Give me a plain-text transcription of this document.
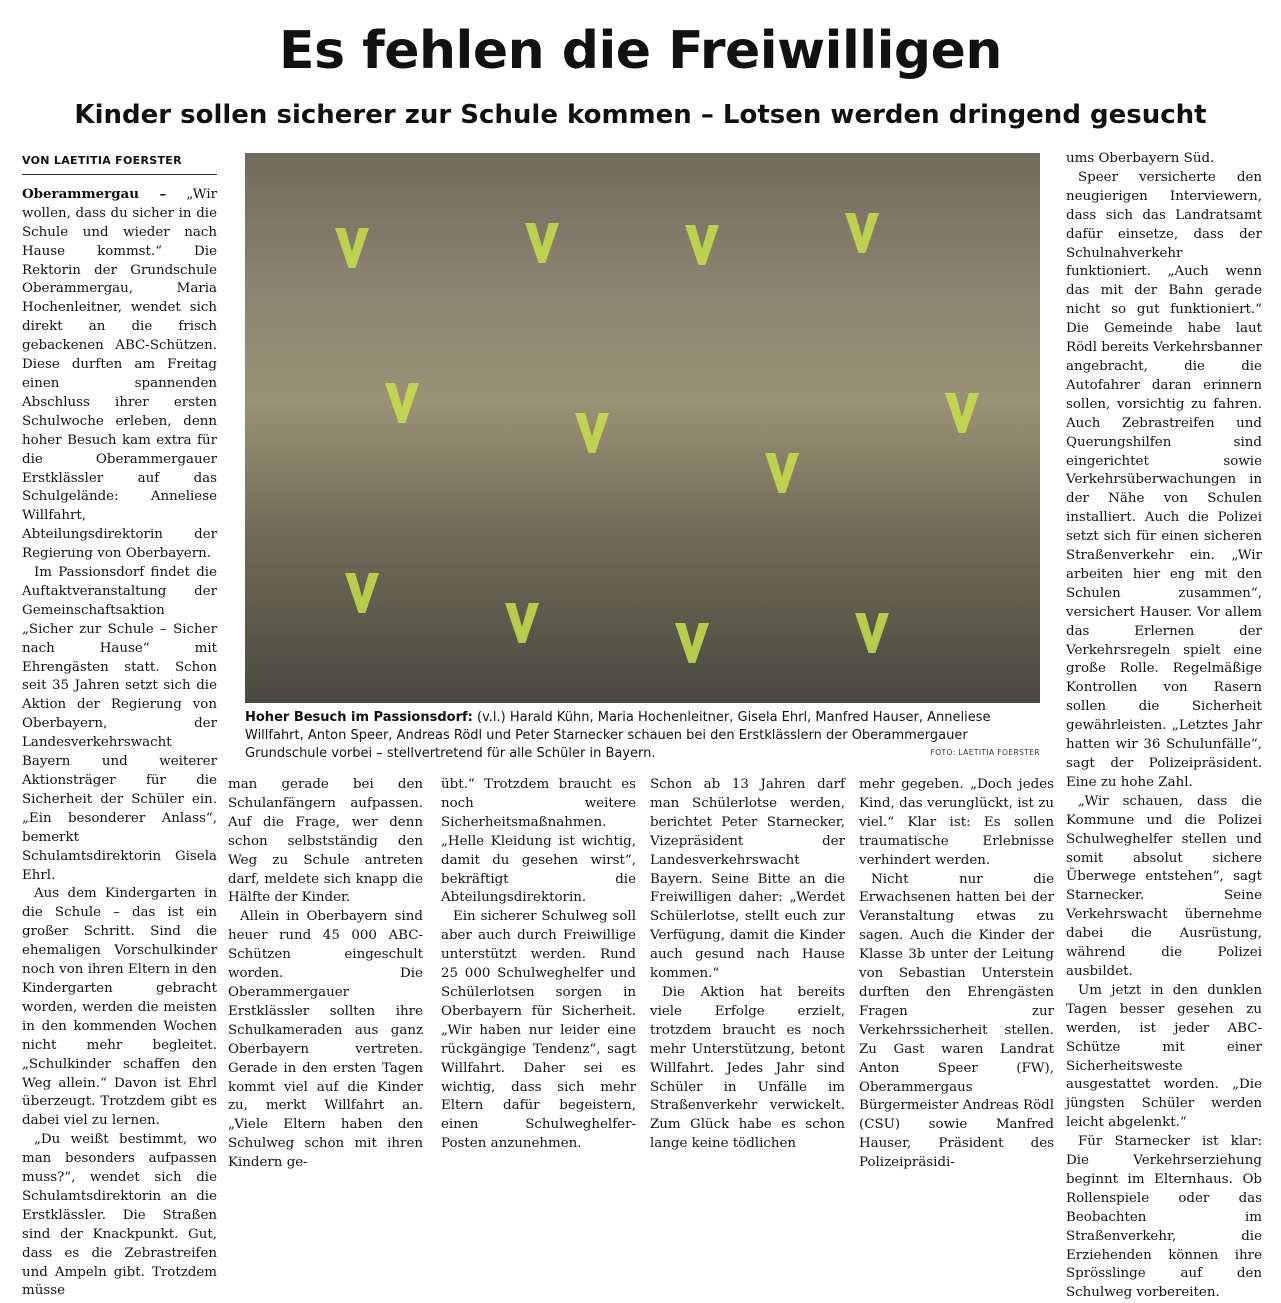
Es fehlen die Freiwilligen
Kinder sollen sicherer zur Schule kommen – Lotsen werden dringend gesucht
VON LAETITIA FOERSTER

Oberammergau – „Wir wollen, dass du sicher in die Schule und wieder nach Hause kommst.“ Die Rektorin der Grundschule Oberammergau, Maria Hochenleitner, wendet sich direkt an die frisch gebackenen ABC-Schützen. Diese durften am Freitag einen spannenden Abschluss ihrer ersten Schulwoche erleben, denn hoher Besuch kam extra für die Oberammergauer Erstklässler auf das Schulgelände: Anneliese Willfahrt, Abteilungsdirektorin der Regierung von Oberbayern.

Im Passionsdorf findet die Auftaktveranstaltung der Gemeinschaftsaktion „Sicher zur Schule – Sicher nach Hause“ mit Ehrengästen statt. Schon seit 35 Jahren setzt sich die Aktion der Regierung von Oberbayern, der Landesverkehrswacht Bayern und weiterer Aktionsträger für die Sicherheit der Schüler ein. „Ein besonderer Anlass“, bemerkt Schulamtsdirektorin Gisela Ehrl.

Aus dem Kindergarten in die Schule – das ist ein großer Schritt. Sind die ehemaligen Vorschulkinder noch von ihren Eltern in den Kindergarten gebracht worden, werden die meisten in den kommenden Wochen nicht mehr begleitet. „Schulkinder schaffen den Weg allein.“ Davon ist Ehrl überzeugt. Trotzdem gibt es dabei viel zu lernen.

„Du weißt bestimmt, wo man besonders aufpassen muss?“, wendet sich die Schulamtsdirektorin an die Erstklässler. Die Straßen sind der Knackpunkt. Gut, dass es die Zebrastreifen und Ampeln gibt. Trotzdem müsse

Hoher Besuch im Passionsdorf: (v.l.) Harald Kühn, Maria Hochenleitner, Gisela Ehrl, Manfred Hauser, Anneliese Willfahrt, Anton Speer, Andreas Rödl und Peter Starnecker schauen bei den Erstklässlern der Oberammergauer Grundschule vorbei – stellvertretend für alle Schüler in Bayern.	FOTO: LAETITIA FOERSTER

man gerade bei den Schulanfängern aufpassen. Auf die Frage, wer denn schon selbstständig den Weg zu Schule antreten darf, meldete sich knapp die Hälfte der Kinder.

Allein in Oberbayern sind heuer rund 45 000 ABC-Schützen eingeschult worden. Die Oberammergauer Erstklässler sollten ihre Schulkameraden aus ganz Oberbayern vertreten. Gerade in den ersten Tagen kommt viel auf die Kinder zu, merkt Willfahrt an. „Viele Eltern haben den Schulweg schon mit ihren Kindern ge-

übt.“ Trotzdem braucht es noch weitere Sicherheitsmaßnahmen. „Helle Kleidung ist wichtig, damit du gesehen wirst“, bekräftigt die Abteilungsdirektorin.

Ein sicherer Schulweg soll aber auch durch Freiwillige unterstützt werden. Rund 25 000 Schulweghelfer und Schülerlotsen sorgen in Oberbayern für Sicherheit. „Wir haben nur leider eine rückgängige Tendenz“, sagt Willfahrt. Daher sei es wichtig, dass sich mehr Eltern dafür begeistern, einen Schulweghelfer-Posten anzunehmen.

Schon ab 13 Jahren darf man Schülerlotse werden, berichtet Peter Starnecker, Vizepräsident der Landesverkehrswacht Bayern. Seine Bitte an die Freiwilligen daher: „Werdet Schülerlotse, stellt euch zur Verfügung, damit die Kinder auch gesund nach Hause kommen.“

Die Aktion hat bereits viele Erfolge erzielt, trotzdem braucht es noch mehr Unterstützung, betont Willfahrt. Jedes Jahr sind Schüler in Unfälle im Straßenverkehr verwickelt. Zum Glück habe es schon lange keine tödlichen

mehr gegeben. „Doch jedes Kind, das verunglückt, ist zu viel.“ Klar ist: Es sollen traumatische Erlebnisse verhindert werden.

Nicht nur die Erwachsenen hatten bei der Veranstaltung etwas zu sagen. Auch die Kinder der Klasse 3b unter der Leitung von Sebastian Unterstein durften den Ehrengästen Fragen zur Verkehrssicherheit stellen. Zu Gast waren Landrat Anton Speer (FW), Oberammergaus Bürgermeister Andreas Rödl (CSU) sowie Manfred Hauser, Präsident des Polizeipräsidi-

ums Oberbayern Süd.

Speer versicherte den neugierigen Interviewern, dass sich das Landratsamt dafür einsetze, dass der Schulnahverkehr funktioniert. „Auch wenn das mit der Bahn gerade nicht so gut funktioniert.“ Die Gemeinde habe laut Rödl bereits Verkehrsbanner angebracht, die die Autofahrer daran erinnern sollen, vorsichtig zu fahren. Auch Zebrastreifen und Querungshilfen sind eingerichtet sowie Verkehrsüberwachungen in der Nähe von Schulen installiert. Auch die Polizei setzt sich für einen sicheren Straßenverkehr ein. „Wir arbeiten hier eng mit den Schulen zusammen“, versichert Hauser. Vor allem das Erlernen der Verkehrsregeln spielt eine große Rolle. Regelmäßige Kontrollen von Rasern sollen die Sicherheit gewährleisten. „Letztes Jahr hatten wir 36 Schulunfälle“, sagt der Polizeipräsident. Eine zu hohe Zahl.

„Wir schauen, dass die Kommune und die Polizei Schulweghelfer stellen und somit absolut sichere Überwege entstehen“, sagt Starnecker. Seine Verkehrswacht übernehme dabei die Ausrüstung, während die Polizei ausbildet.

Um jetzt in den dunklen Tagen besser gesehen zu werden, ist jeder ABC-Schütze mit einer Sicherheitsweste ausgestattet worden. „Die jüngsten Schüler werden leicht abgelenkt.“

Für Starnecker ist klar: Die Verkehrserziehung beginnt im Elternhaus. Ob Rollenspiele oder das Beobachten im Straßenverkehr, die Erziehenden können ihre Sprösslinge auf den Schulweg vorbereiten.
